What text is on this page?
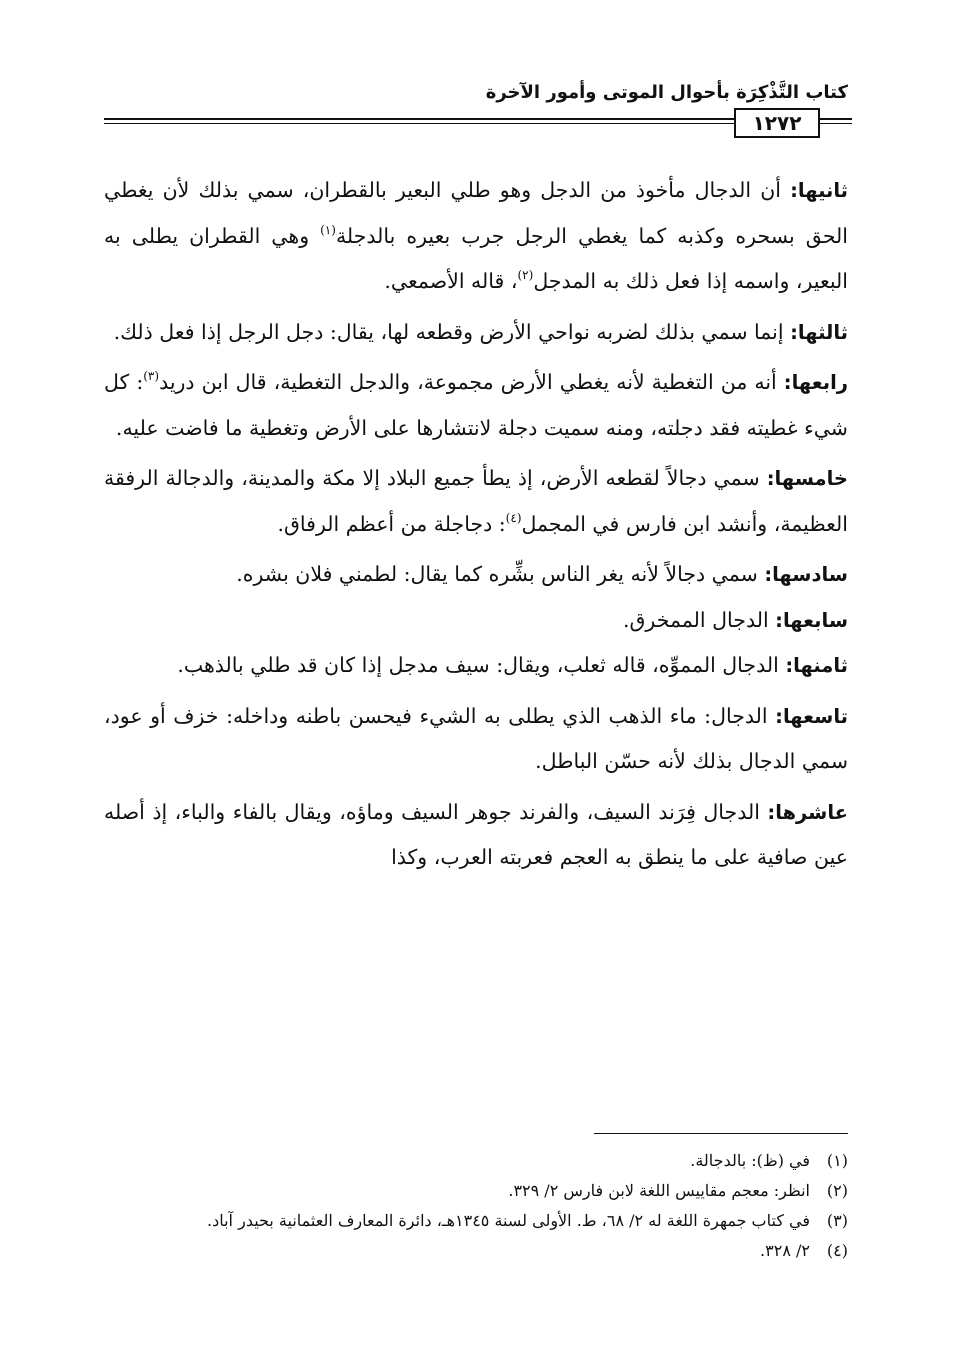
كتاب التَّذْكِرَة بأحوال الموتى وأمور الآخرة
١٢٧٢

ثانيها: أن الدجال مأخوذ من الدجل وهو طلي البعير بالقطران، سمي بذلك لأن يغطي الحق بسحره وكذبه كما يغطي الرجل جرب بعيره بالدجلة$^{(١)}$ وهي القطران يطلى به البعير، واسمه إذا فعل ذلك به المدجل$^{(٢)}$، قاله الأصمعي.

ثالثها: إنما سمي بذلك لضربه نواحي الأرض وقطعه لها، يقال: دجل الرجل إذا فعل ذلك.

رابعها: أنه من التغطية لأنه يغطي الأرض مجموعة، والدجل التغطية، قال ابن دريد$^{(٣)}$: كل شيء غطيته فقد دجلته، ومنه سميت دجلة لانتشارها على الأرض وتغطية ما فاضت عليه.

خامسها: سمي دجالاً لقطعه الأرض، إذ يطأ جميع البلاد إلا مكة والمدينة، والدجالة الرفقة العظيمة، وأنشد ابن فارس في المجمل$^{(٤)}$: دجاجلة من أعظم الرفاق.

سادسها: سمي دجالاً لأنه يغر الناس بشِّره كما يقال: لطمني فلان بشره.

سابعها: الدجال الممخرق.

ثامنها: الدجال المموِّه، قاله ثعلب، ويقال: سيف مدجل إذا كان قد طلي بالذهب.

تاسعها: الدجال: ماء الذهب الذي يطلى به الشيء فيحسن باطنه وداخله: خزف أو عود، سمي الدجال بذلك لأنه حسّن الباطل.

عاشرها: الدجال فِرَند السيف، والفرند جوهر السيف وماؤه، ويقال بالفاء والباء، إذ أصله عين صافية على ما ينطق به العجم فعربته العرب، وكذا

(١)
في (ظ): بالدجالة.
(٢)
انظر: معجم مقاييس اللغة لابن فارس ٢/ ٣٢٩.
(٣)
في كتاب جمهرة اللغة له ٢/ ٦٨، ط. الأولى لسنة ١٣٤٥هـ، دائرة المعارف العثمانية بحيدر آباد.
(٤)
٢/ ٣٢٨.
